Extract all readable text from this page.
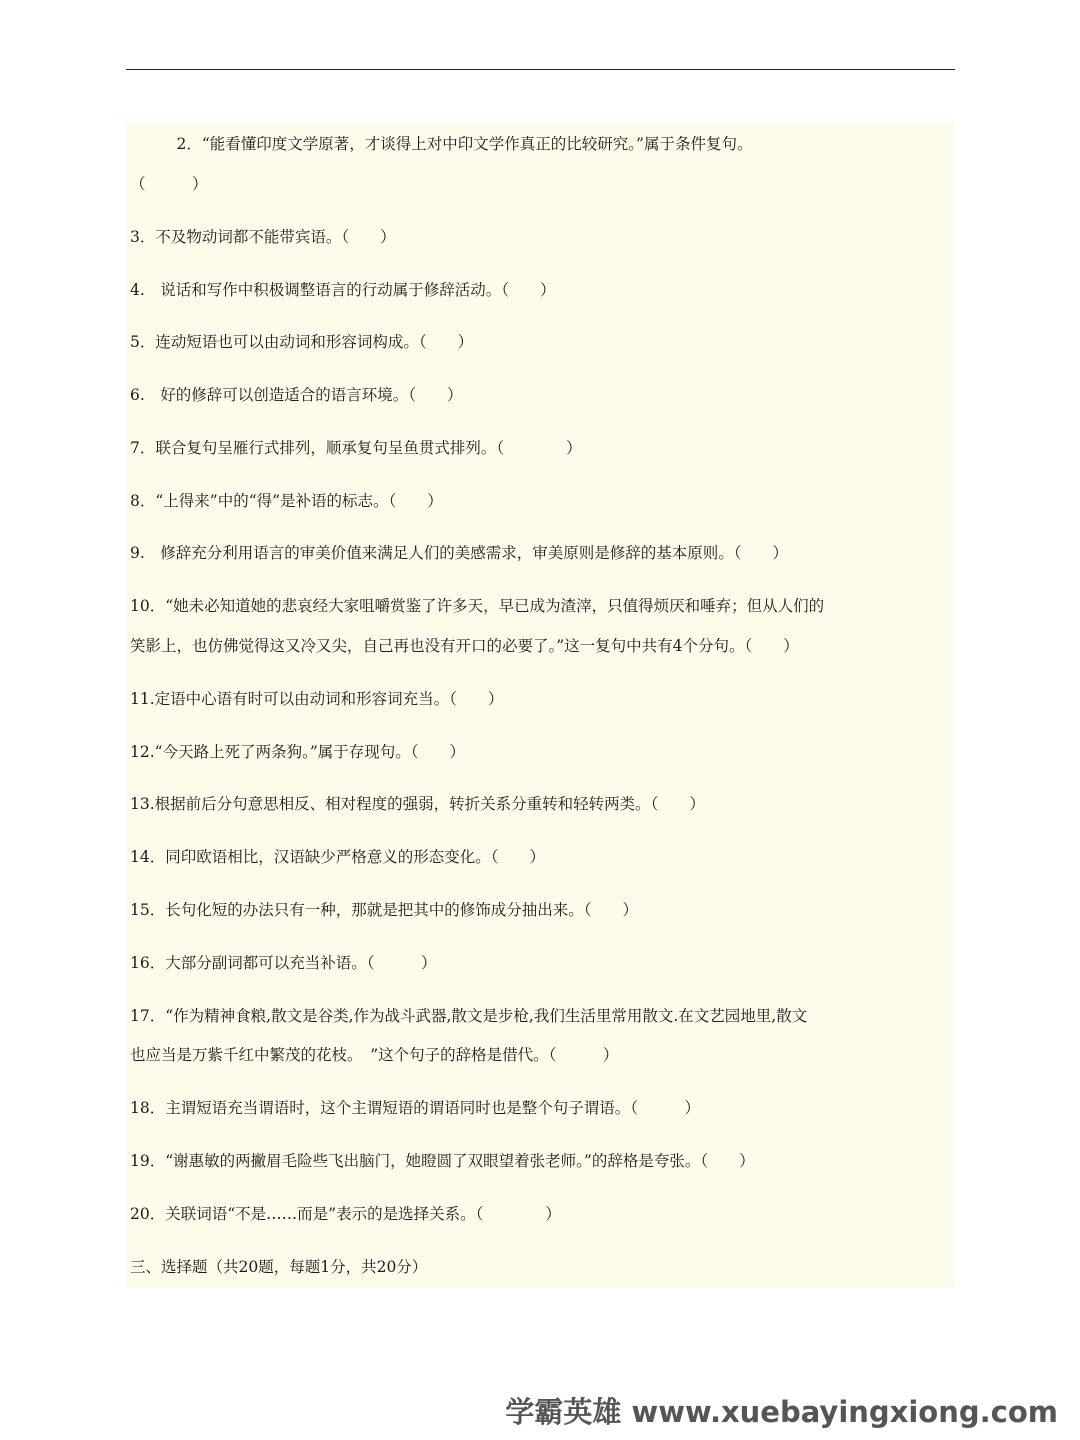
　　　2．“能看懂印度文学原著，才谈得上对中印文学作真正的比较研究。”属于条件复句。
（　　　）
3．不及物动词都不能带宾语。（　　）
4.　说话和写作中积极调整语言的行动属于修辞活动。（　　）
5．连动短语也可以由动词和形容词构成。（　　）
6.　好的修辞可以创造适合的语言环境。（　　）
7．联合复句呈雁行式排列，顺承复句呈鱼贯式排列。（　　　　）
8．“上得来”中的“得”是补语的标志。（　　）
9.　修辞充分利用语言的审美价值来满足人们的美感需求，审美原则是修辞的基本原则。（　　）
10．“她未必知道她的悲哀经大家咀嚼赏鉴了许多天，早已成为渣滓，只值得烦厌和唾弃；但从人们的
笑影上，也仿佛觉得这又冷又尖，自己再也没有开口的必要了。”这一复句中共有4个分句。（　　）
11.定语中心语有时可以由动词和形容词充当。（　　）
12.“今天路上死了两条狗。”属于存现句。（　　）
13.根据前后分句意思相反、相对程度的强弱，转折关系分重转和轻转两类。（　　）
14．同印欧语相比，汉语缺少严格意义的形态变化。（　　）
15．长句化短的办法只有一种，那就是把其中的修饰成分抽出来。（　　）
16．大部分副词都可以充当补语。（　　　）
17．“作为精神食粮,散文是谷类,作为战斗武器,散文是步枪,我们生活里常用散文.在文艺园地里,散文
也应当是万紫千红中繁茂的花枝。　”这个句子的辞格是借代。（　　　）
18．主谓短语充当谓语时，这个主谓短语的谓语同时也是整个句子谓语。（　　　）
19．“谢惠敏的两撇眉毛险些飞出脑门，她瞪圆了双眼望着张老师。”的辞格是夸张。（　　）
20．关联词语“不是……而是”表示的是选择关系。（　　　　）
三、选择题（共20题，每题1分，共20分）
学霸英雄 www.xuebayingxiong.com
